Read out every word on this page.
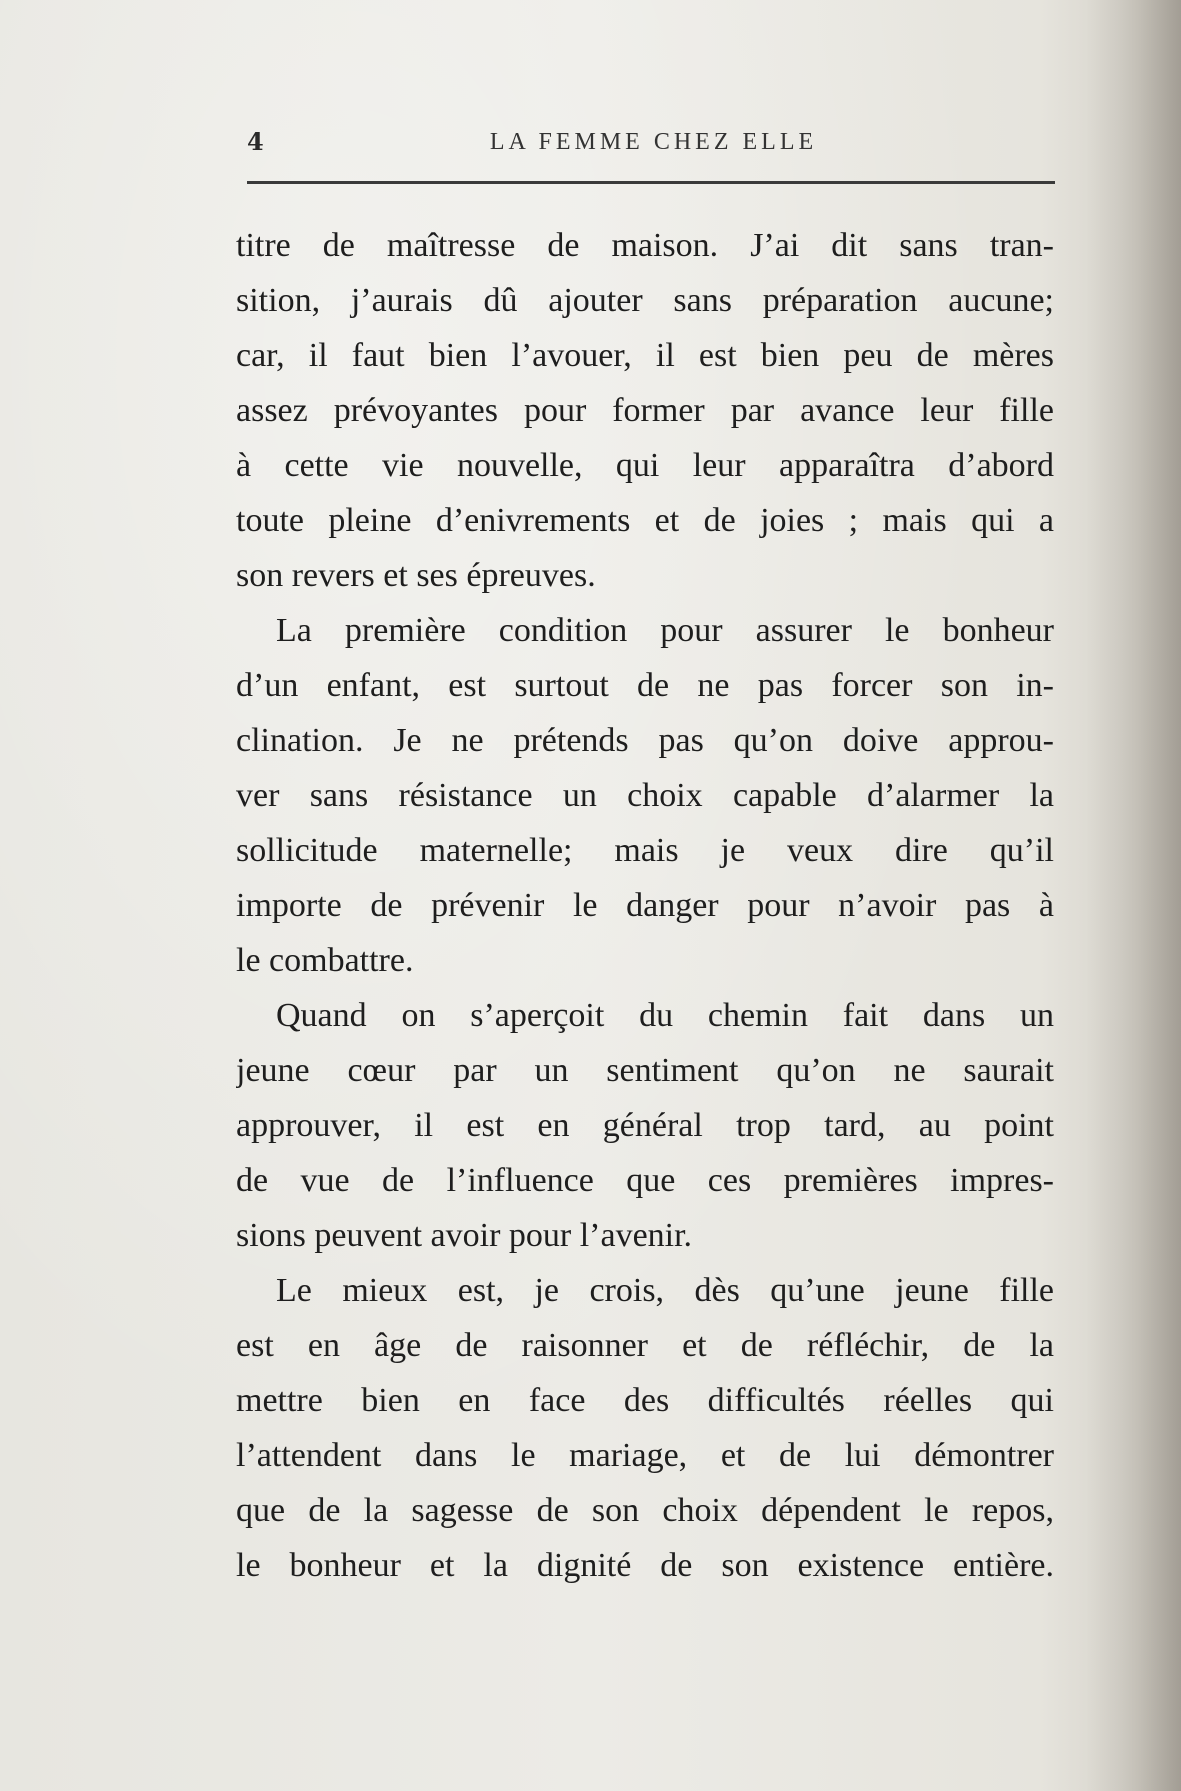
4	LA FEMME CHEZ ELLE
titre de maîtresse de maison. J’ai dit sans tran-
sition, j’aurais dû ajouter sans préparation aucune;
car, il faut bien l’avouer, il est bien peu de mères
assez prévoyantes pour former par avance leur fille
à cette vie nouvelle, qui leur apparaîtra d’abord
toute pleine d’enivrements et de joies ; mais qui a
son revers et ses épreuves.
La première condition pour assurer le bonheur
d’un enfant, est surtout de ne pas forcer son in-
clination. Je ne prétends pas qu’on doive approu-
ver sans résistance un choix capable d’alarmer la
sollicitude maternelle; mais je veux dire qu’il
importe de prévenir le danger pour n’avoir pas à
le combattre.
Quand on s’aperçoit du chemin fait dans un
jeune cœur par un sentiment qu’on ne saurait
approuver, il est en général trop tard, au point
de vue de l’influence que ces premières impres-
sions peuvent avoir pour l’avenir.
Le mieux est, je crois, dès qu’une jeune fille
est en âge de raisonner et de réfléchir, de la
mettre bien en face des difficultés réelles qui
l’attendent dans le mariage, et de lui démontrer
que de la sagesse de son choix dépendent le repos,
le bonheur et la dignité de son existence entière.
